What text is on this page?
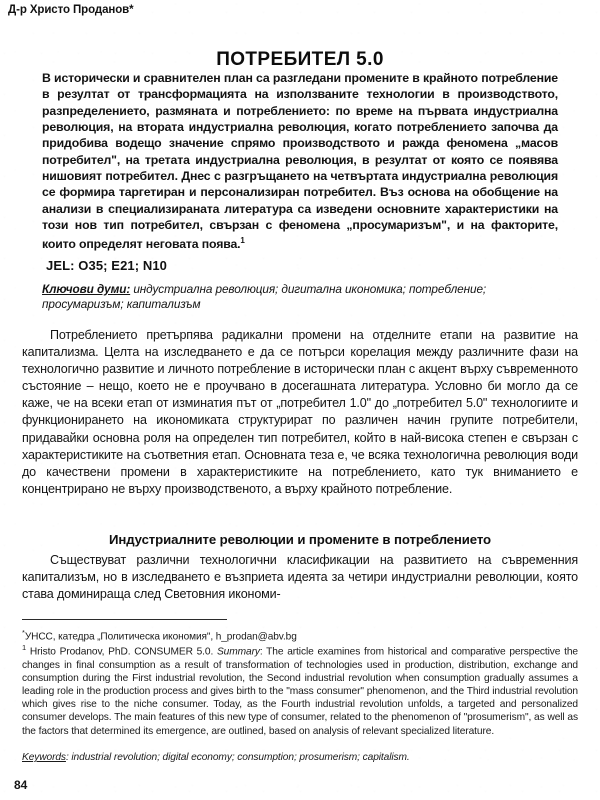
Д-р Христо Проданов*
ПОТРЕБИТЕЛ 5.0
В исторически и сравнителен план са разгледани промените в крайното потребление в резултат от трансформацията на използваните технологии в производството, разпределението, размяната и потреблението: по време на първата индустриална революция, на втората индустриална революция, когато потреблението започва да придобива водещо значение спрямо производството и ражда феномена „масов потребител", на третата индустриална революция, в резултат от която се появява нишовият потребител. Днес с разгръщането на четвъртата индустриална революция се формира таргетиран и персонализиран потребител. Въз основа на обобщение на анализи в специализираната литература са изведени основните характеристики на този нов тип потребител, свързан с феномена „просумаризъм", и на факторите, които определят неговата поява.$^1$
JEL: O35; E21; N10
Ключови думи: индустриална революция; дигитална икономика; потребление; просумаризъм; капитализъм

Потреблението претърпява радикални промени на отделните етапи на развитие на капитализма. Целта на изследването е да се потърси корелация между различните фази на технологично развитие и личното потребление в исторически план с акцент върху съвременното състояние – нещо, което не е проучвано в досегашната литература. Условно би могло да се каже, че на всеки етап от изминатия път от „потребител 1.0" до „потребител 5.0" технологиите и функционирането на икономиката структурират по различен начин групите потребители, придавайки основна роля на определен тип потребител, който в най-висока степен е свързан с характеристиките на съответния етап. Основната теза е, че всяка технологична революция води до качествени промени в характеристиките на потреблението, като тук вниманието е концентрирано не върху производственото, а върху крайното потребление.

Индустриалните революции и промените в потреблението

Съществуват различни технологични класификации на развитието на съвременния капитализъм, но в изследването е възприета идеята за четири индустриални революции, която става доминираща след Световния икономи-

*УНСС, катедра „Политическа икономия", h_prodan@abv.bg
$^1$ Hristo Prodanov, PhD. CONSUMER 5.0. Summary: The article examines from historical and comparative perspective the changes in final consumption as a result of transformation of technologies used in production, distribution, exchange and consumption during the First industrial revolution, the Second industrial revolution when consumption gradually assumes a leading role in the production process and gives birth to the "mass consumer" phenomenon, and the Third industrial revolution which gives rise to the niche consumer. Today, as the Fourth industrial revolution unfolds, a targeted and personalized consumer develops. The main features of this new type of consumer, related to the phenomenon of "prosumerism", as well as the factors that determined its emergence, are outlined, based on analysis of relevant specialized literature.
Keywords: industrial revolution; digital economy; consumption; prosumerism; capitalism.
84
